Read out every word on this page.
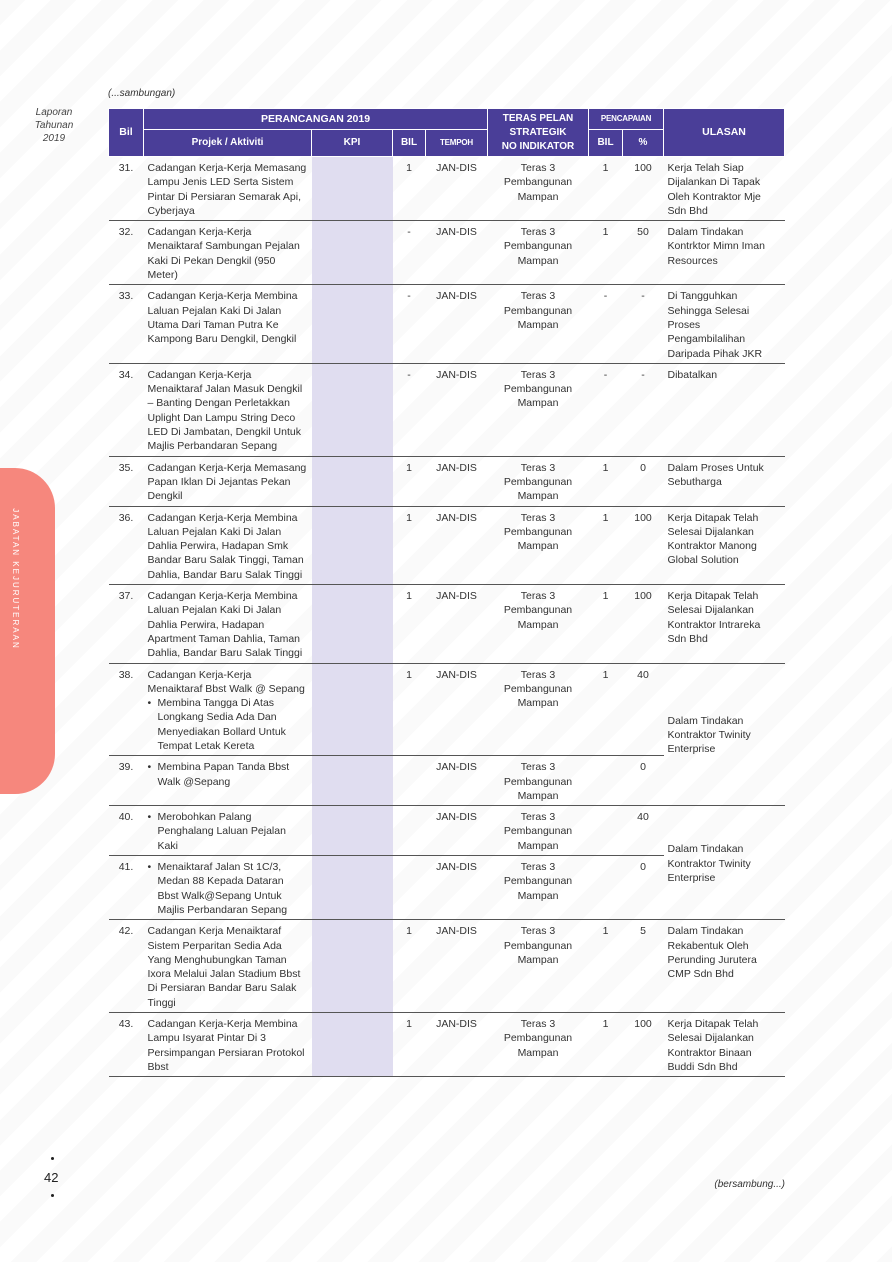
Laporan
Tahunan
2019
JABATAN KEJURUTERAAN
(...sambungan)
Bil	PERANCANGAN 2019				TERAS PELAN
STRATEGIK
NO INDIKATOR	PENCAPAIAN		ULASAN
	Projek / Aktiviti	KPI	BIL	TEMPOH		BIL	%	
31.	Cadangan Kerja-Kerja Memasang Lampu Jenis LED Serta Sistem Pintar Di Persiaran Semarak Api, Cyberjaya		1	JAN-DIS	Teras 3 Pembangunan Mampan	1	100	Kerja Telah Siap Dijalankan Di Tapak Oleh Kontraktor Mje Sdn Bhd
32.	Cadangan Kerja-Kerja Menaiktaraf Sambungan Pejalan Kaki Di Pekan Dengkil (950 Meter)		-	JAN-DIS	Teras 3 Pembangunan Mampan	1	50	Dalam Tindakan Kontrktor Mimn Iman Resources
33.	Cadangan Kerja-Kerja Membina Laluan Pejalan Kaki Di Jalan Utama Dari Taman Putra Ke Kampong Baru Dengkil, Dengkil		-	JAN-DIS	Teras 3 Pembangunan Mampan	-	-	Di Tangguhkan Sehingga Selesai Proses Pengambilalihan Daripada Pihak JKR
34.	Cadangan Kerja-Kerja Menaiktaraf Jalan Masuk Dengkil – Banting Dengan Perletakkan Uplight Dan Lampu String Deco LED Di Jambatan, Dengkil Untuk Majlis Perbandaran Sepang		-	JAN-DIS	Teras 3 Pembangunan Mampan	-	-	Dibatalkan
35.	Cadangan Kerja-Kerja Memasang Papan Iklan Di Jejantas Pekan Dengkil		1	JAN-DIS	Teras 3 Pembangunan Mampan	1	0	Dalam Proses Untuk Sebutharga
36.	Cadangan Kerja-Kerja Membina Laluan Pejalan Kaki Di Jalan Dahlia Perwira, Hadapan Smk Bandar Baru Salak Tinggi, Taman Dahlia, Bandar Baru Salak Tinggi		1	JAN-DIS	Teras 3 Pembangunan Mampan	1	100	Kerja Ditapak Telah Selesai Dijalankan Kontraktor Manong Global Solution
37.	Cadangan Kerja-Kerja Membina Laluan Pejalan Kaki Di Jalan Dahlia Perwira, Hadapan Apartment Taman Dahlia, Taman Dahlia, Bandar Baru Salak Tinggi		1	JAN-DIS	Teras 3 Pembangunan Mampan	1	100	Kerja Ditapak Telah Selesai Dijalankan Kontraktor Intrareka Sdn Bhd
38.	Cadangan Kerja-Kerja Menaiktaraf Bbst Walk @ Sepang
• Membina Tangga Di Atas Longkang Sedia Ada Dan Menyediakan Bollard Untuk Tempat Letak Kereta		1	JAN-DIS	Teras 3 Pembangunan Mampan	1	40	Dalam Tindakan Kontraktor Twinity Enterprise
39.	• Membina Papan Tanda Bbst Walk @Sepang			JAN-DIS	Teras 3 Pembangunan Mampan		0	
40.	• Merobohkan Palang Penghalang Laluan Pejalan Kaki			JAN-DIS	Teras 3 Pembangunan Mampan		40	Dalam Tindakan Kontraktor Twinity Enterprise
41.	• Menaiktaraf Jalan St 1C/3, Medan 88 Kepada Dataran Bbst Walk@Sepang Untuk Majlis Perbandaran Sepang			JAN-DIS	Teras 3 Pembangunan Mampan		0	
42.	Cadangan Kerja Menaiktaraf Sistem Perparitan Sedia Ada Yang Menghubungkan Taman Ixora Melalui Jalan Stadium Bbst Di Persiaran Bandar Baru Salak Tinggi		1	JAN-DIS	Teras 3 Pembangunan Mampan	1	5	Dalam Tindakan Rekabentuk Oleh Perunding Jurutera CMP Sdn Bhd
43.	Cadangan Kerja-Kerja Membina Lampu Isyarat Pintar Di 3 Persimpangan Persiaran Protokol Bbst		1	JAN-DIS	Teras 3 Pembangunan Mampan	1	100	Kerja Ditapak Telah Selesai Dijalankan Kontraktor Binaan Buddi Sdn Bhd
42	(bersambung...)
